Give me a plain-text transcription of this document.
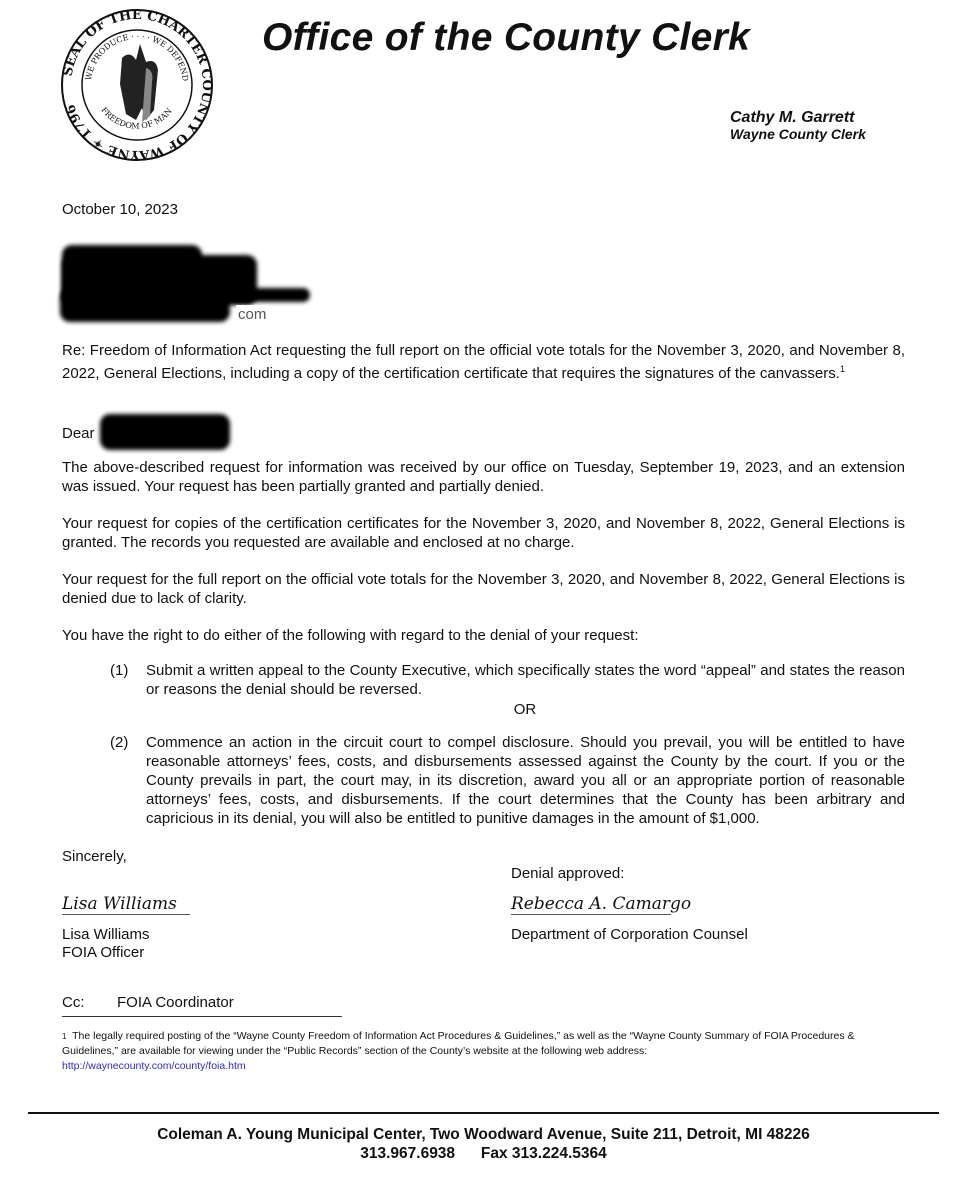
SEAL OF THE CHARTER COUNTY OF WAYNE ✦ 1796
WE PRODUCE · · · · WE DEFEND
FREEDOM OF MAN
Office of the County Clerk
Cathy M. Garrett
Wayne County Clerk
October 10, 2023
com
Re: Freedom of Information Act requesting the full report on the official vote totals for the November 3, 2020, and November 8, 2022, General Elections, including a copy of the certification certificate that requires the signatures of the canvassers.$^1$
Dear
The above-described request for information was received by our office on Tuesday, September 19, 2023, and an extension was issued. Your request has been partially granted and partially denied.
Your request for copies of the certification certificates for the November 3, 2020, and November 8, 2022, General Elections is granted. The records you requested are available and enclosed at no charge.
Your request for the full report on the official vote totals for the November 3, 2020, and November 8, 2022, General Elections is denied due to lack of clarity.
You have the right to do either of the following with regard to the denial of your request:
(1)	Submit a written appeal to the County Executive, which specifically states the word “appeal” and states the reason or reasons the denial should be reversed.
OR
(2)	Commence an action in the circuit court to compel disclosure. Should you prevail, you will be entitled to have reasonable attorneys’ fees, costs, and disbursements assessed against the County by the court. If you or the County prevails in part, the court may, in its discretion, award you all or an appropriate portion of reasonable attorneys’ fees, costs, and disbursements. If the court determines that the County has been arbitrary and capricious in its denial, you will also be entitled to punitive damages in the amount of $1,000.
Sincerely,
Denial approved:
Lisa Williams	Rebecca A. Camargo
Lisa Williams
FOIA Officer
Department of Corporation Counsel
Cc: FOIA Coordinator
1 The legally required posting of the “Wayne County Freedom of Information Act Procedures & Guidelines,” as well as the “Wayne County Summary of FOIA Procedures & Guidelines,” are available for viewing under the “Public Records” section of the County’s website at the following web address:
http://waynecounty.com/county/foia.htm
Coleman A. Young Municipal Center, Two Woodward Avenue, Suite 211, Detroit, MI 48226
313.967.6938 Fax 313.224.5364
